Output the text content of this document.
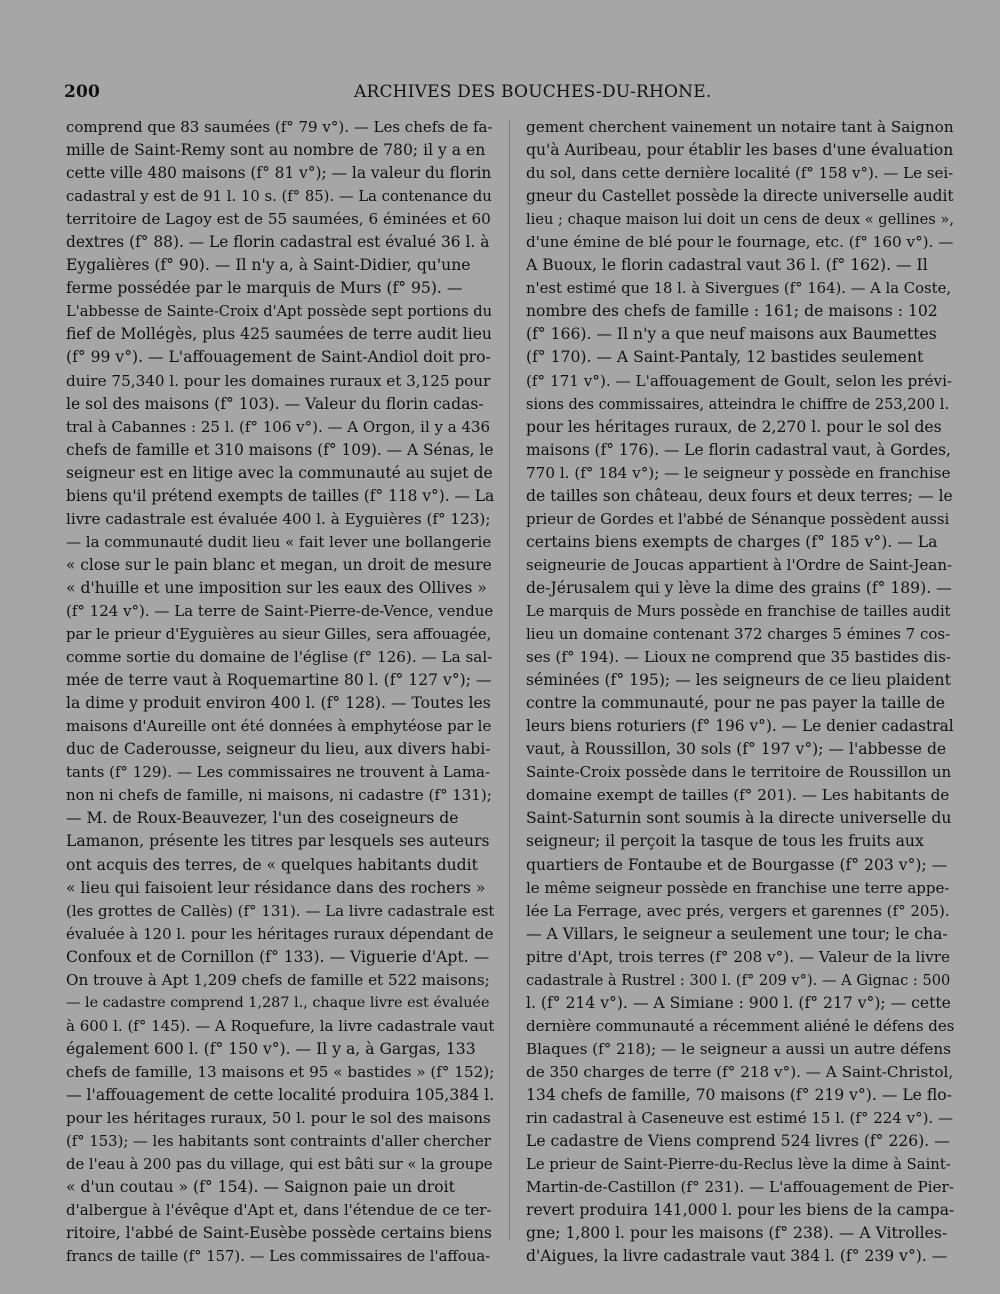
200	ARCHIVES DES BOUCHES-DU-RHONE.
comprend que 83 saumées (f° 79 v°). — Les chefs de fa-
mille de Saint-Remy sont au nombre de 780; il y a en
cette ville 480 maisons (f° 81 v°); — la valeur du florin
cadastral y est de 91 l. 10 s. (f° 85). — La contenance du
territoire de Lagoy est de 55 saumées, 6 éminées et 60
dextres (f° 88). — Le florin cadastral est évalué 36 l. à
Eygalières (f° 90). — Il n'y a, à Saint-Didier, qu'une
ferme possédée par le marquis de Murs (f° 95). —
L'abbesse de Sainte-Croix d'Apt possède sept portions du
fief de Mollégès, plus 425 saumées de terre audit lieu
(f° 99 v°). — L'affouagement de Saint-Andiol doit pro-
duire 75,340 l. pour les domaines ruraux et 3,125 pour
le sol des maisons (f° 103). — Valeur du florin cadas-
tral à Cabannes : 25 l. (f° 106 v°). — A Orgon, il y a 436
chefs de famille et 310 maisons (f° 109). — A Sénas, le
seigneur est en litige avec la communauté au sujet de
biens qu'il prétend exempts de tailles (f° 118 v°). — La
livre cadastrale est évaluée 400 l. à Eyguières (f° 123);
— la communauté dudit lieu « fait lever une bollangerie
« close sur le pain blanc et megan, un droit de mesure
« d'huille et une imposition sur les eaux des Ollives »
(f° 124 v°). — La terre de Saint-Pierre-de-Vence, vendue
par le prieur d'Eyguières au sieur Gilles, sera affouagée,
comme sortie du domaine de l'église (f° 126). — La sal-
mée de terre vaut à Roquemartine 80 l. (f° 127 v°); —
la dime y produit environ 400 l. (f° 128). — Toutes les
maisons d'Aureille ont été données à emphytéose par le
duc de Caderousse, seigneur du lieu, aux divers habi-
tants (f° 129). — Les commissaires ne trouvent à Lama-
non ni chefs de famille, ni maisons, ni cadastre (f° 131);
— M. de Roux-Beauvezer, l'un des coseigneurs de
Lamanon, présente les titres par lesquels ses auteurs
ont acquis des terres, de « quelques habitants dudit
« lieu qui faisoient leur résidance dans des rochers »
(les grottes de Callès) (f° 131). — La livre cadastrale est
évaluée à 120 l. pour les héritages ruraux dépendant de
Confoux et de Cornillon (f° 133). — Viguerie d'Apt. —
On trouve à Apt 1,209 chefs de famille et 522 maisons;
— le cadastre comprend 1,287 l., chaque livre est évaluée
à 600 l. (f° 145). — A Roquefure, la livre cadastrale vaut
également 600 l. (f° 150 v°). — Il y a, à Gargas, 133
chefs de famille, 13 maisons et 95 « bastides » (f° 152);
— l'affouagement de cette localité produira 105,384 l.
pour les héritages ruraux, 50 l. pour le sol des maisons
(f° 153); — les habitants sont contraints d'aller chercher
de l'eau à 200 pas du village, qui est bâti sur « la groupe
« d'un coutau » (f° 154). — Saignon paie un droit
d'albergue à l'évêque d'Apt et, dans l'étendue de ce ter-
ritoire, l'abbé de Saint-Eusèbe possède certains biens
francs de taille (f° 157). — Les commissaires de l'affoua-
gement cherchent vainement un notaire tant à Saignon
qu'à Auribeau, pour établir les bases d'une évaluation
du sol, dans cette dernière localité (f° 158 v°). — Le sei-
gneur du Castellet possède la directe universelle audit
lieu ; chaque maison lui doit un cens de deux « gellines »,
d'une émine de blé pour le fournage, etc. (f° 160 v°). —
A Buoux, le florin cadastral vaut 36 l. (f° 162). — Il
n'est estimé que 18 l. à Sivergues (f° 164). — A la Coste,
nombre des chefs de famille : 161; de maisons : 102
(f° 166). — Il n'y a que neuf maisons aux Baumettes
(f° 170). — A Saint-Pantaly, 12 bastides seulement
(f° 171 v°). — L'affouagement de Goult, selon les prévi-
sions des commissaires, atteindra le chiffre de 253,200 l.
pour les héritages ruraux, de 2,270 l. pour le sol des
maisons (f° 176). — Le florin cadastral vaut, à Gordes,
770 l. (f° 184 v°); — le seigneur y possède en franchise
de tailles son château, deux fours et deux terres; — le
prieur de Gordes et l'abbé de Sénanque possèdent aussi
certains biens exempts de charges (f° 185 v°). — La
seigneurie de Joucas appartient à l'Ordre de Saint-Jean-
de-Jérusalem qui y lève la dime des grains (f° 189). —
Le marquis de Murs possède en franchise de tailles audit
lieu un domaine contenant 372 charges 5 émines 7 cos-
ses (f° 194). — Lioux ne comprend que 35 bastides dis-
séminées (f° 195); — les seigneurs de ce lieu plaident
contre la communauté, pour ne pas payer la taille de
leurs biens roturiers (f° 196 v°). — Le denier cadastral
vaut, à Roussillon, 30 sols (f° 197 v°); — l'abbesse de
Sainte-Croix possède dans le territoire de Roussillon un
domaine exempt de tailles (f° 201). — Les habitants de
Saint-Saturnin sont soumis à la directe universelle du
seigneur; il perçoit la tasque de tous les fruits aux
quartiers de Fontaube et de Bourgasse (f° 203 v°); —
le même seigneur possède en franchise une terre appe-
lée La Ferrage, avec prés, vergers et garennes (f° 205).
— A Villars, le seigneur a seulement une tour; le cha-
pitre d'Apt, trois terres (f° 208 v°). — Valeur de la livre
cadastrale à Rustrel : 300 l. (f° 209 v°). — A Gignac : 500
l. (f° 214 v°). — A Simiane : 900 l. (f° 217 v°); — cette
dernière communauté a récemment aliéné le défens des
Blaques (f° 218); — le seigneur a aussi un autre défens
de 350 charges de terre (f° 218 v°). — A Saint-Christol,
134 chefs de famille, 70 maisons (f° 219 v°). — Le flo-
rin cadastral à Caseneuve est estimé 15 l. (f° 224 v°). —
Le cadastre de Viens comprend 524 livres (f° 226). —
Le prieur de Saint-Pierre-du-Reclus lève la dime à Saint-
Martin-de-Castillon (f° 231). — L'affouagement de Pier-
revert produira 141,000 l. pour les biens de la campa-
gne; 1,800 l. pour les maisons (f° 238). — A Vitrolles-
d'Aigues, la livre cadastrale vaut 384 l. (f° 239 v°). —
